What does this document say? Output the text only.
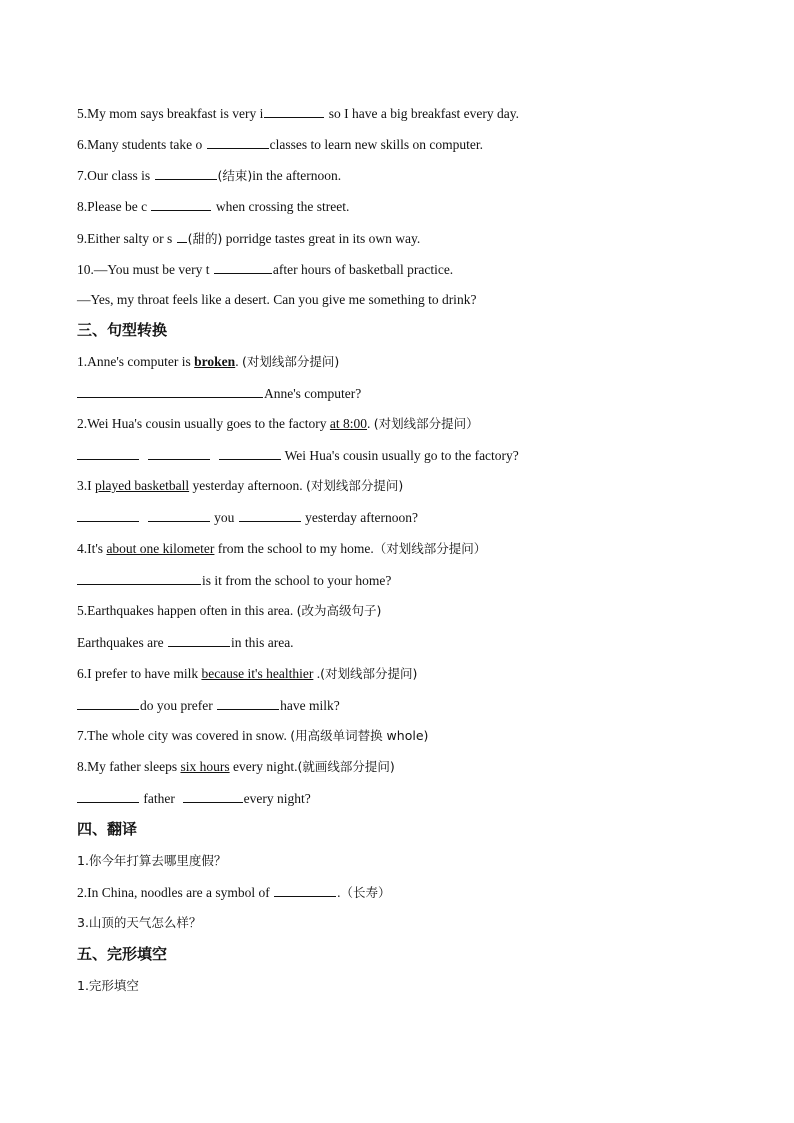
5.My mom says breakfast is very i	so I have a big breakfast every day.
6.Many students take o	classes to learn new skills on computer.
7.Our class is	(结束)in the afternoon.
8.Please be c	when crossing the street.
9.Either salty or s (甜的) porridge tastes great in its own way.
10.—You must be very t	after hours of basketball practice.
—Yes, my throat feels like a desert. Can you give me something to drink?
三、句型转换
1.Anne's computer is broken. (对划线部分提问)
Anne's computer?
2.Wei Hua's cousin usually goes to the factory at 8:00. (对划线部分提问）
Wei Hua's cousin usually go to the factory?
3.I played basketball yesterday afternoon. (对划线部分提问)
you	yesterday afternoon?
4.It's about one kilometer from the school to my home.（对划线部分提问）
is it from the school to your home?
5.Earthquakes happen often in this area. (改为高级句子)
Earthquakes are	in this area.
6.I prefer to have milk because it's healthier .(对划线部分提问)
do you prefer	have milk?
7.The whole city was covered in snow. (用高级单词替换 whole)
8.My father sleeps six hours every night.(就画线部分提问)
father	every night?
四、翻译
1.你今年打算去哪里度假？
2.In China, noodles are a symbol of	.（长寿）
3.山顶的天气怎么样？
五、完形填空
1.完形填空
